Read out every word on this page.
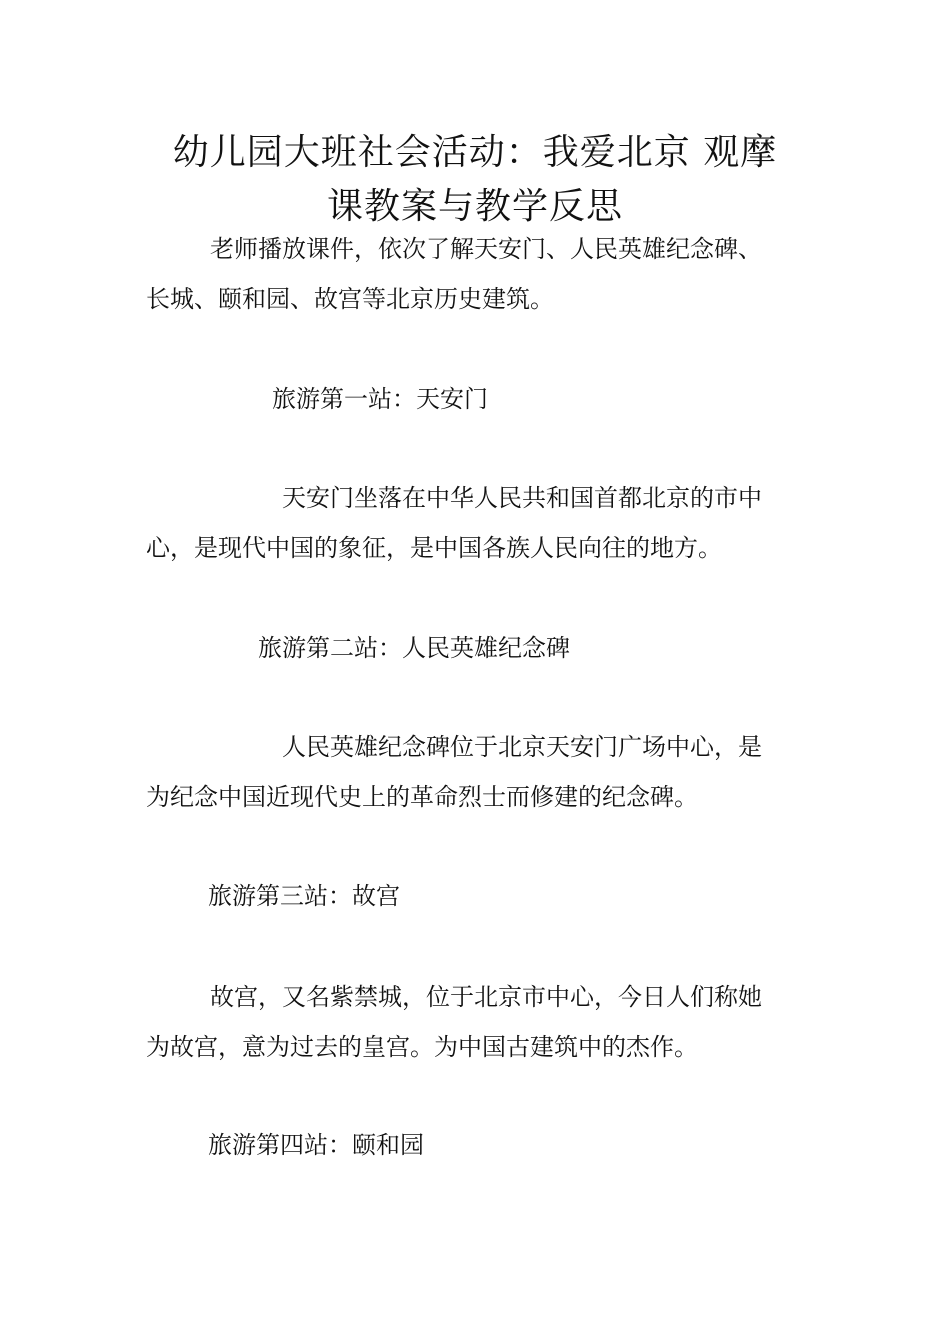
幼儿园大班社会活动：我爱北京 观摩
课教案与教学反思

老师播放课件，依次了解天安门、人民英雄纪念碑、
长城、颐和园、故宫等北京历史建筑。

旅游第一站：天安门

天安门坐落在中华人民共和国首都北京的市中
心，是现代中国的象征，是中国各族人民向往的地方。

旅游第二站：人民英雄纪念碑

人民英雄纪念碑位于北京天安门广场中心，是
为纪念中国近现代史上的革命烈士而修建的纪念碑。

旅游第三站：故宫

故宫，又名紫禁城，位于北京市中心，今日人们称她
为故宫，意为过去的皇宫。为中国古建筑中的杰作。

旅游第四站：颐和园
